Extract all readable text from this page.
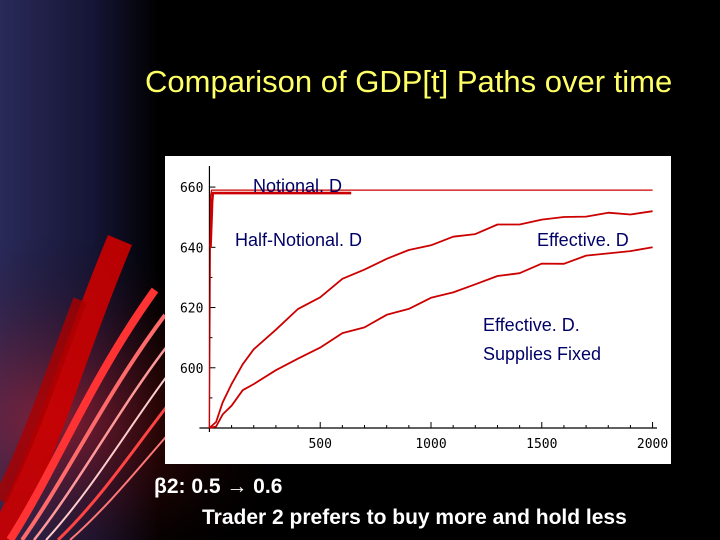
Comparison of GDP[t] Paths over time
500	1000	1500	2000
600
620
640
660	Notional. D
Half-Notional. D	Effective. D
Effective. D.
Supplies Fixed
β2: 0.5 → 0.6
Trader 2 prefers to buy more and hold less
